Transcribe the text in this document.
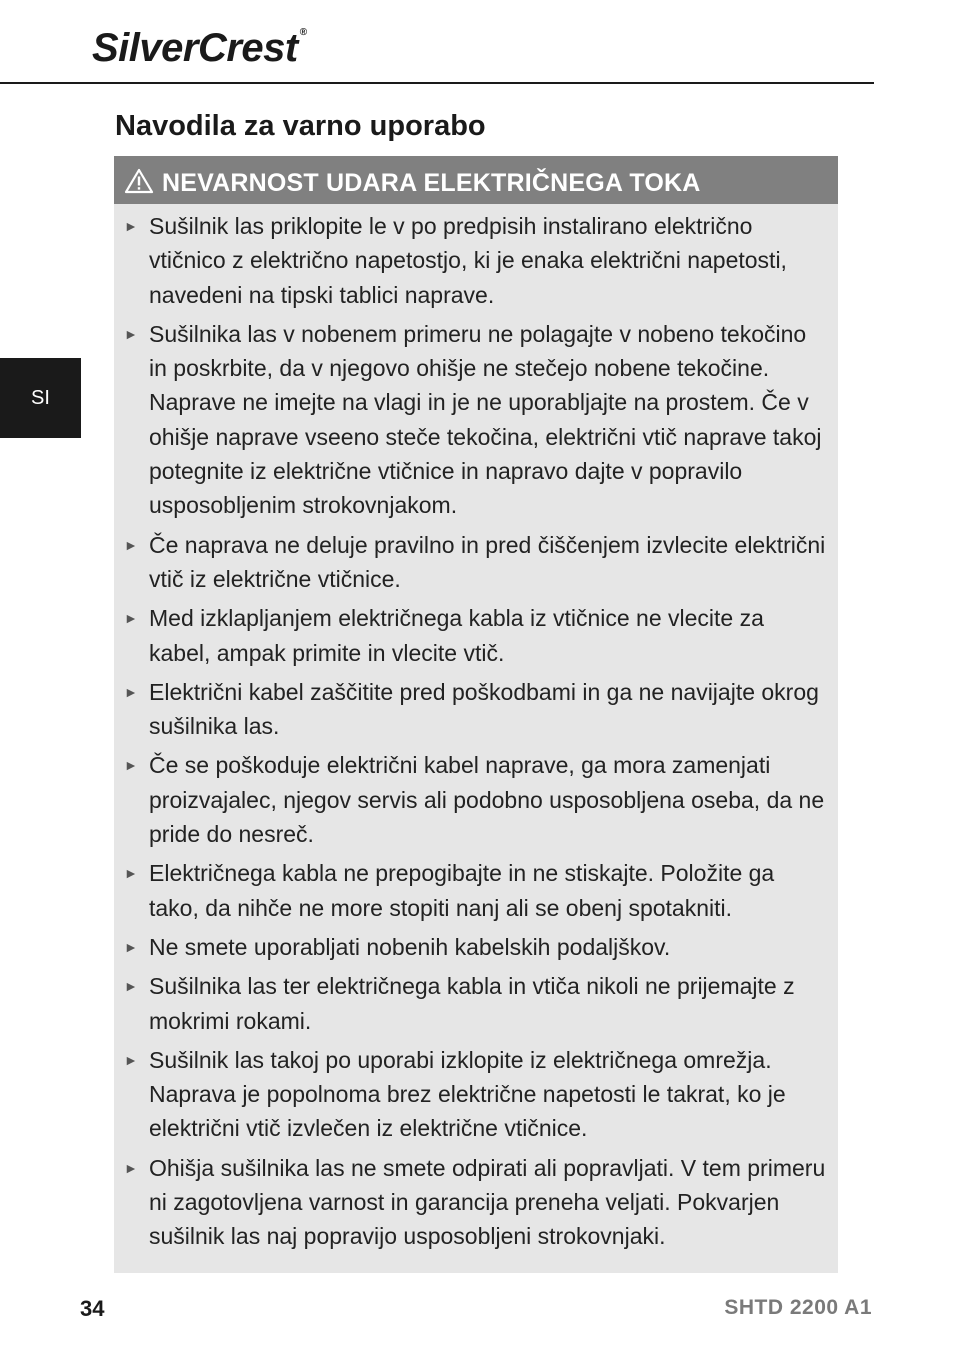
SilverCrest ®
SI
Navodila za varno uporabo
NEVARNOST UDARA ELEKTRIČNEGA TOKA
► Sušilnik las priklopite le v po predpisih instalirano električno vtičnico z električno napetostjo, ki je enaka električni napetosti, navedeni na tipski tablici naprave.
► Sušilnika las v nobenem primeru ne polagajte v nobeno tekočino in poskrbite, da v njegovo ohišje ne stečejo nobene tekočine. Naprave ne imejte na vlagi in je ne uporabljajte na prostem. Če v ohišje naprave vseeno steče tekočina, električni vtič naprave takoj potegnite iz električne vtičnice in napravo dajte v popravilo usposobljenim strokovnjakom.
► Če naprava ne deluje pravilno in pred čiščenjem izvlecite električni vtič iz električne vtičnice.
► Med izklapljanjem električnega kabla iz vtičnice ne vlecite za kabel, ampak primite in vlecite vtič.
► Električni kabel zaščitite pred poškodbami in ga ne navijajte okrog sušilnika las.
► Če se poškoduje električni kabel naprave, ga mora zamenjati proizvajalec, njegov servis ali podobno usposobljena oseba, da ne pride do nesreč.
► Električnega kabla ne prepogibajte in ne stiskajte. Položite ga tako, da nihče ne more stopiti nanj ali se obenj spotakniti.
► Ne smete uporabljati nobenih kabelskih podaljškov.
► Sušilnika las ter električnega kabla in vtiča nikoli ne prijemajte z mokrimi rokami.
► Sušilnik las takoj po uporabi izklopite iz električnega omrežja. Naprava je popolnoma brez električne napetosti le takrat, ko je električni vtič izvlečen iz električne vtičnice.
► Ohišja sušilnika las ne smete odpirati ali popravljati. V tem primeru ni zagotovljena varnost in garancija preneha veljati. Pokvarjen sušilnik las naj popravijo usposobljeni strokovnjaki.
34	SHTD 2200 A1
